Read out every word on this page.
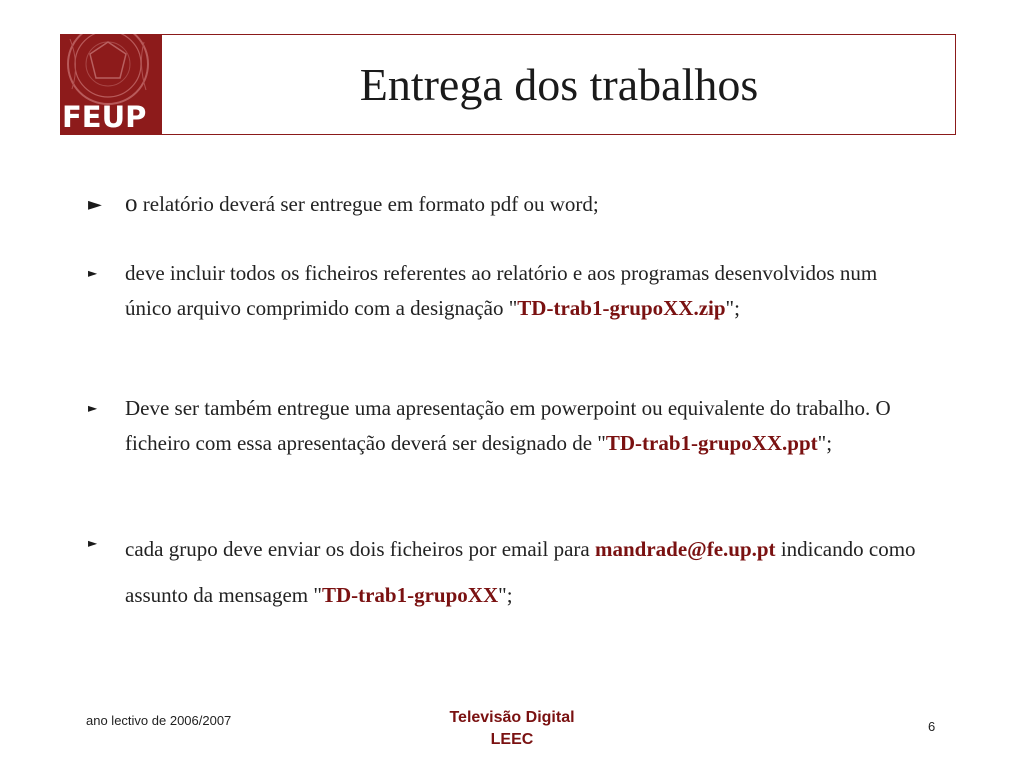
FEUP
Entrega dos trabalhos
► o relatório deverá ser entregue em formato pdf ou word;
► deve incluir todos os ficheiros referentes ao relatório e aos programas desenvolvidos num único arquivo comprimido com a designação "TD-trab1-grupoXX.zip";
► Deve ser também entregue uma apresentação em powerpoint ou equivalente do trabalho. O ficheiro com essa apresentação deverá ser designado de "TD-trab1-grupoXX.ppt";
► cada grupo deve enviar os dois ficheiros por email para mandrade@fe.up.pt indicando como assunto da mensagem "TD-trab1-grupoXX";
ano lectivo de 2006/2007	Televisão Digital
LEEC
6
